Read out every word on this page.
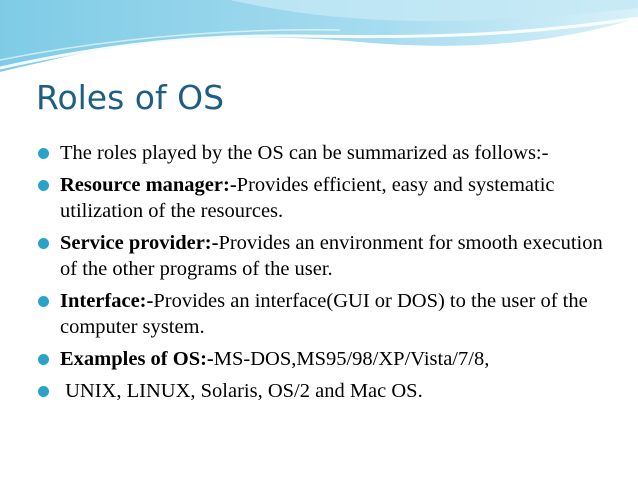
Roles of OS
The roles played by the OS can be summarized as follows:-
Resource manager:-Provides efficient, easy and systematic utilization of the resources.
Service provider:-Provides an environment for smooth execution of the other programs of the user.
Interface:-Provides an interface(GUI or DOS) to the user of the computer system.
Examples of OS:-MS-DOS,MS95/98/XP/Vista/7/8,
UNIX, LINUX, Solaris, OS/2 and Mac OS.
